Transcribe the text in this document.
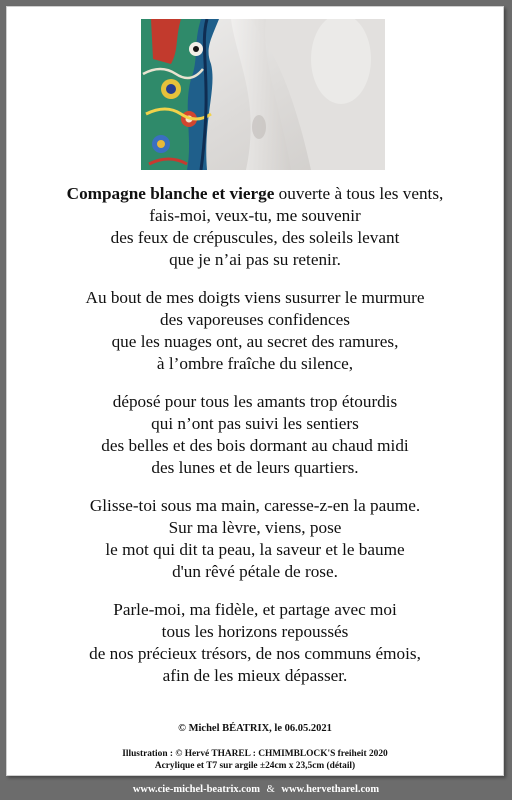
Compagne blanche et vierge ouverte à tous les vents,
fais-moi, veux-tu, me souvenir
des feux de crépuscules, des soleils levant
que je n’ai pas su retenir.
Au bout de mes doigts viens susurrer le murmure
des vaporeuses confidences
que les nuages ont, au secret des ramures,
à l’ombre fraîche du silence,
déposé pour tous les amants trop étourdis
qui n’ont pas suivi les sentiers
des belles et des bois dormant au chaud midi
des lunes et de leurs quartiers.
Glisse-toi sous ma main, caresse-z-en la paume.
Sur ma lèvre, viens, pose
le mot qui dit ta peau, la saveur et le baume
d'un rêvé pétale de rose.
Parle-moi, ma fidèle, et partage avec moi
tous les horizons repoussés
de nos précieux trésors, de nos communs émois,
afin de les mieux dépasser.
© Michel BÉATRIX, le 06.05.2021
Illustration : © Hervé THAREL : CHMIMBLOCK'S freiheit 2020
Acrylique et T7 sur argile ±24cm x 23,5cm (détail)
www.cie-michel-beatrix.com & www.hervetharel.com
